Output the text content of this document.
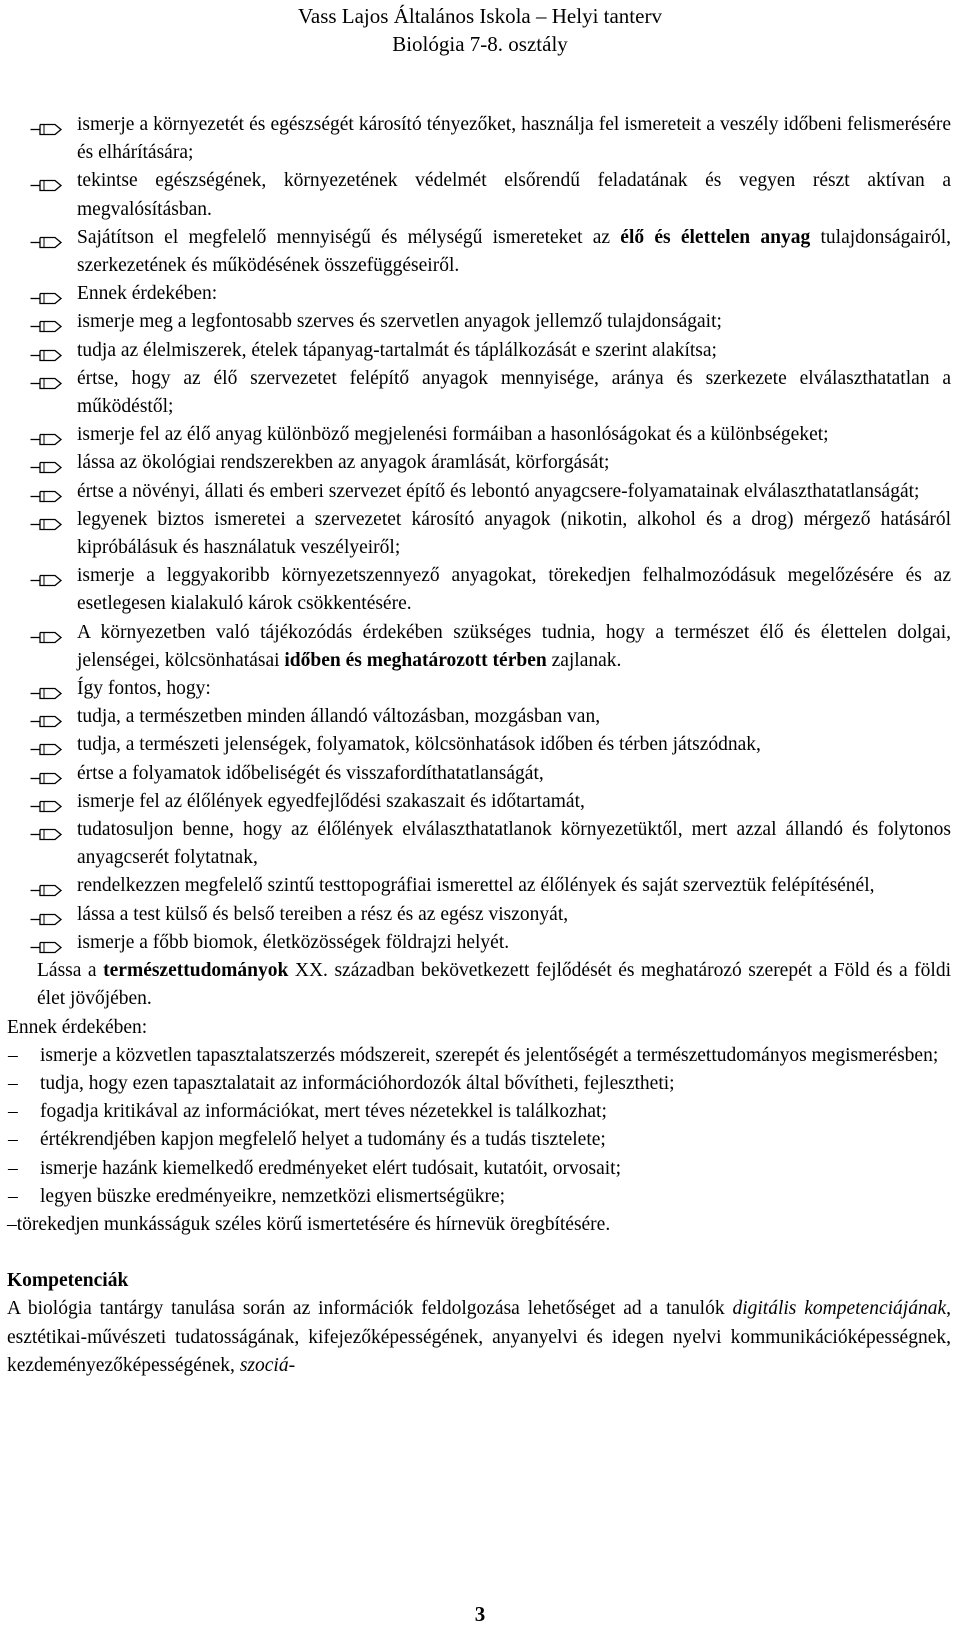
Vass Lajos Általános Iskola – Helyi tanterv
Biológia 7-8. osztály
ismerje a környezetét és egészségét károsító tényezőket, használja fel ismereteit a veszély időbeni felismerésére és elhárítására;
tekintse egészségének, környezetének védelmét elsőrendű feladatának és vegyen részt aktívan a megvalósításban.
Sajátítson el megfelelő mennyiségű és mélységű ismereteket az élő és élettelen anyag tulajdonságairól, szerkezetének és működésének összefüggéseiről.
Ennek érdekében:
ismerje meg a legfontosabb szerves és szervetlen anyagok jellemző tulajdonságait;
tudja az élelmiszerek, ételek tápanyag-tartalmát és táplálkozását e szerint alakítsa;
értse, hogy az élő szervezetet felépítő anyagok mennyisége, aránya és szerkezete elválaszthatatlan a működéstől;
ismerje fel az élő anyag különböző megjelenési formáiban a hasonlóságokat és a különbségeket;
lássa az ökológiai rendszerekben az anyagok áramlását, körforgását;
értse a növényi, állati és emberi szervezet építő és lebontó anyagcsere-folyamatainak elválaszthatatlanságát;
legyenek biztos ismeretei a szervezetet károsító anyagok (nikotin, alkohol és a drog) mérgező hatásáról kipróbálásuk és használatuk veszélyeiről;
ismerje a leggyakoribb környezetszennyező anyagokat, törekedjen felhalmozódásuk megelőzésére és az esetlegesen kialakuló károk csökkentésére.
A környezetben való tájékozódás érdekében szükséges tudnia, hogy a természet élő és élettelen dolgai, jelenségei, kölcsönhatásai időben és meghatározott térben zajlanak.
Így fontos, hogy:
tudja, a természetben minden állandó változásban, mozgásban van,
tudja, a természeti jelenségek, folyamatok, kölcsönhatások időben és térben játszódnak,
értse a folyamatok időbeliségét és visszafordíthatatlanságát,
ismerje fel az élőlények egyedfejlődési szakaszait és időtartamát,
tudatosuljon benne, hogy az élőlények elválaszthatatlanok környezetüktől, mert azzal állandó és folytonos anyagcserét folytatnak,
rendelkezzen megfelelő szintű testtopográfiai ismerettel az élőlények és saját szerveztük felépítésénél,
lássa a test külső és belső tereiben a rész és az egész viszonyát,
ismerje a főbb biomok, életközösségek földrajzi helyét.
Lássa a természettudományok XX. században bekövetkezett fejlődését és meghatározó szerepét a Föld és a földi élet jövőjében.
Ennek érdekében:
– ismerje a közvetlen tapasztalatszerzés módszereit, szerepét és jelentőségét a természettudományos megismerésben;
– tudja, hogy ezen tapasztalatait az információhordozók által bővítheti, fejlesztheti;
– fogadja kritikával az információkat, mert téves nézetekkel is találkozhat;
– értékrendjében kapjon megfelelő helyet a tudomány és a tudás tisztelete;
– ismerje hazánk kiemelkedő eredményeket elért tudósait, kutatóit, orvosait;
– legyen büszke eredményeikre, nemzetközi elismertségükre;
–törekedjen munkásságuk széles körű ismertetésére és hírnevük öregbítésére.
Kompetenciák
A biológia tantárgy tanulása során az információk feldolgozása lehetőséget ad a tanulók digitális kompetenciájának, esztétikai-művészeti tudatosságának, kifejezőképességének, anyanyelvi és idegen nyelvi kommunikációképességnek, kezdeményezőképességének, szociá-
3
